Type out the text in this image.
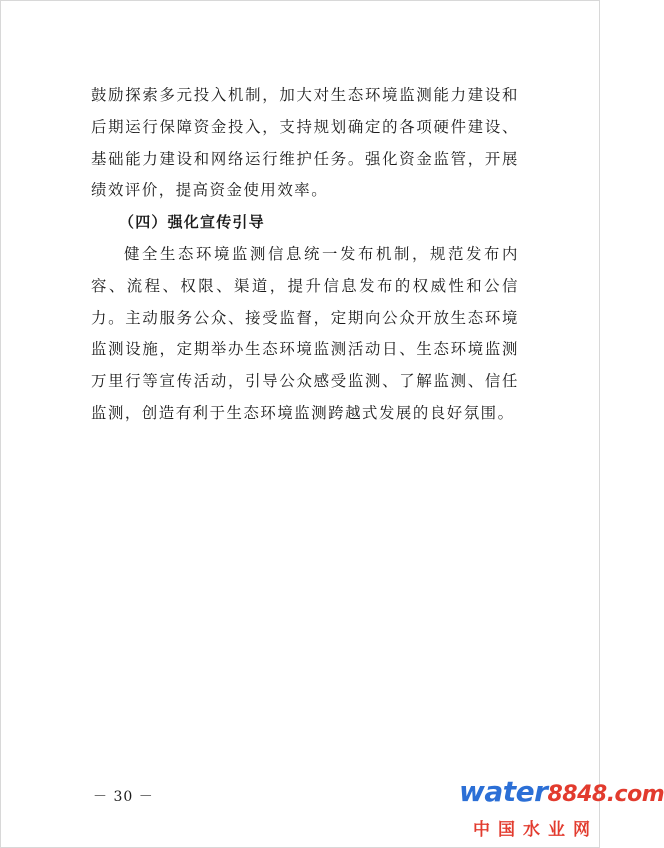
鼓励探索多元投入机制，加大对生态环境监测能力建设和后期运行保障资金投入，支持规划确定的各项硬件建设、基础能力建设和网络运行维护任务。强化资金监管，开展绩效评价，提高资金使用效率。

（四）强化宣传引导

健全生态环境监测信息统一发布机制，规范发布内容、流程、权限、渠道，提升信息发布的权威性和公信力。主动服务公众、接受监督，定期向公众开放生态环境监测设施，定期举办生态环境监测活动日、生态环境监测万里行等宣传活动，引导公众感受监测、了解监测、信任监测，创造有利于生态环境监测跨越式发展的良好氛围。

－ 30 －	water8848.com
中国水业网
